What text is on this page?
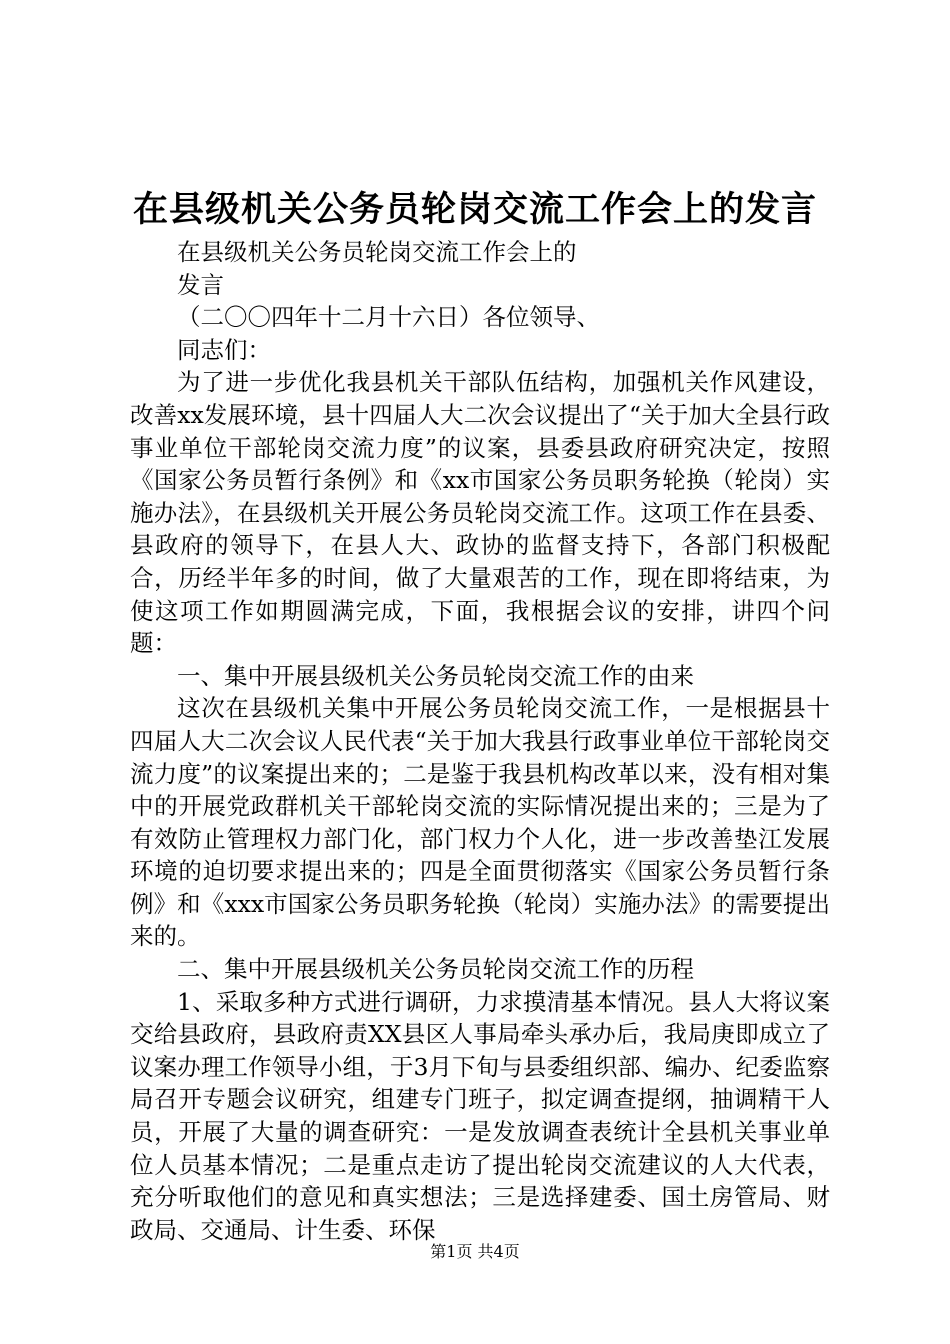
在县级机关公务员轮岗交流工作会上的发言

在县级机关公务员轮岗交流工作会上的

发言

（二〇〇四年十二月十六日）各位领导、

同志们：

为了进一步优化我县机关干部队伍结构，加强机关作风建设，改善xx发展环境，县十四届人大二次会议提出了“关于加大全县行政事业单位干部轮岗交流力度”的议案，县委县政府研究决定，按照《国家公务员暂行条例》和《xx市国家公务员职务轮换（轮岗）实施办法》，在县级机关开展公务员轮岗交流工作。这项工作在县委、县政府的领导下，在县人大、政协的监督支持下，各部门积极配合，历经半年多的时间，做了大量艰苦的工作，现在即将结束，为使这项工作如期圆满完成，下面，我根据会议的安排，讲四个问题：

一、集中开展县级机关公务员轮岗交流工作的由来

这次在县级机关集中开展公务员轮岗交流工作，一是根据县十四届人大二次会议人民代表“关于加大我县行政事业单位干部轮岗交流力度”的议案提出来的；二是鉴于我县机构改革以来，没有相对集中的开展党政群机关干部轮岗交流的实际情况提出来的；三是为了有效防止管理权力部门化，部门权力个人化，进一步改善垫江发展环境的迫切要求提出来的；四是全面贯彻落实《国家公务员暂行条例》和《xxx市国家公务员职务轮换（轮岗）实施办法》的需要提出来的。

二、集中开展县级机关公务员轮岗交流工作的历程

1、采取多种方式进行调研，力求摸清基本情况。县人大将议案交给县政府，县政府责XX县区人事局牵头承办后，我局庚即成立了议案办理工作领导小组，于3月下旬与县委组织部、编办、纪委监察局召开专题会议研究，组建专门班子，拟定调查提纲，抽调精干人员，开展了大量的调查研究：一是发放调查表统计全县机关事业单位人员基本情况；二是重点走访了提出轮岗交流建议的人大代表，充分听取他们的意见和真实想法；三是选择建委、国土房管局、财政局、交通局、计生委、环保

第1页 共4页
